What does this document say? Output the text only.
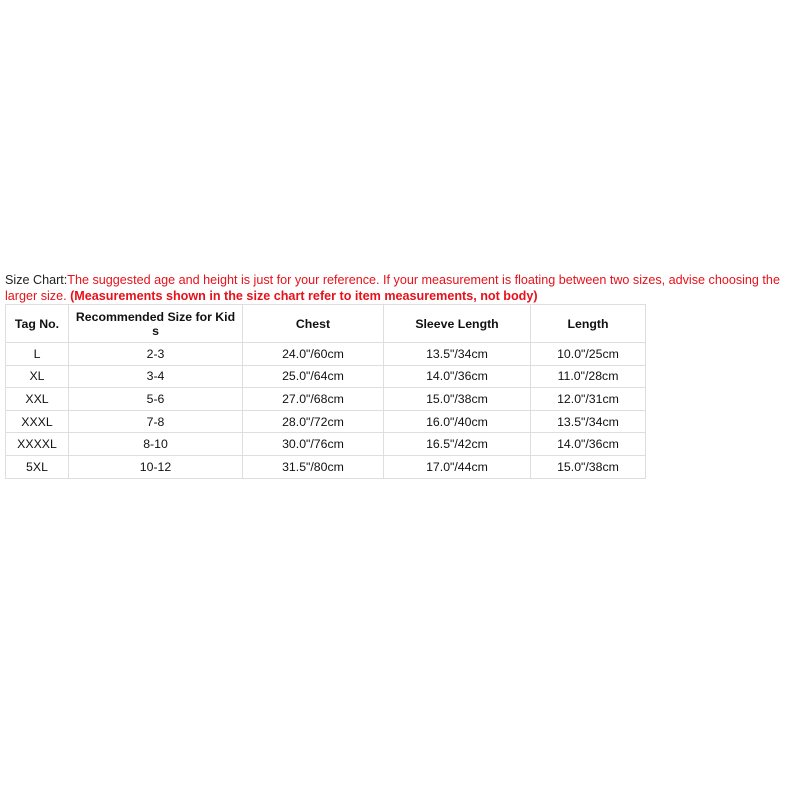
Size Chart:The suggested age and height is just for your reference. If your measurement is floating between two sizes, advise choosing the larger size. (Measurements shown in the size chart refer to item measurements, not body)
Tag No.	Recommended Size for Kids	Chest	Sleeve Length	Length
L	2-3	24.0"/60cm	13.5"/34cm	10.0"/25cm
XL	3-4	25.0"/64cm	14.0"/36cm	11.0"/28cm
XXL	5-6	27.0"/68cm	15.0"/38cm	12.0"/31cm
XXXL	7-8	28.0"/72cm	16.0"/40cm	13.5"/34cm
XXXXL	8-10	30.0"/76cm	16.5"/42cm	14.0"/36cm
5XL	10-12	31.5"/80cm	17.0"/44cm	15.0"/38cm
